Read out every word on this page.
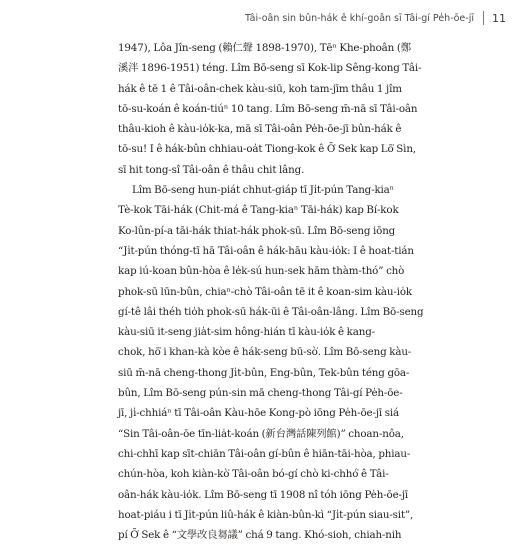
Tâi-oân sin bûn-hák ê khí-goân sī Tâi-gí Pe̍h-ōe-jī 11
1947), Lôa Jîn-seng (賴仁聲 1898-1970), Tēⁿ Khe-phoân (鄭
溪泮 1896-1951) téng. Lîm Bō-seng sī Kok-lip Sêng-kong Tâi-
hák ê tē 1 ê Tâi-oân-chek kàu-siū, koh tam-jīm thâu 1 jîm
tō-su-koán ê koán-tiúⁿ 10 tang. Lîm Bō-seng m̄-nā sī Tâi-oân
thâu-kioh ê kàu-io̍k-ka, mā sī Tâi-oân Pe̍h-ōe-jī bûn-hák ê
tō-su! I ê hák-bûn chhiau-oa̍t Tiong-kok ê Ō͘ Sek kap Lō͘ Sìn,
sī hit tong-sî Tâi-oân ê thâu chit lâng.
Lîm Bō-seng hun-piát chhut-giáp tī Ji̍t-pún Tang-kiaⁿ
Tè-kok Tāi-hák (Chit-má ê Tang-kiaⁿ Tāi-hák) kap Bí-kok
Ko-lûn-pí-a tāi-hák thiat-hák phok-sū. Lîm Bō-seng iōng
“Ji̍t-pún thóng-tī hā Tâi-oân ê hák-hāu kàu-io̍k: I ê hoat-tián
kap iú-koan bûn-hòa ê le̍k-sú hun-sek hām thàm-thó” chò
phok-sū lūn-bûn, chiaⁿ-chò Tâi-oân tē it ê koan-sim kàu-io̍k
gí-tê lâi théh tio̍h phok-sū hák-ūi ê Tâi-oân-lâng. Lîm Bō-seng
kàu-siū it-seng jia̍t-sim hông-hián tī kàu-io̍k ê kang-
chok, hō͘ i khan-kà kòe ê hák-seng bū-sò͘. Lîm Bō-seng kàu-
siū m̄-nā cheng-thong Ji̍t-bûn, Eng-bûn, Tek-bûn téng gōa-
bûn, Lîm Bō-seng pún-sin mā cheng-thong Tâi-gí Pe̍h-ōe-
jī, ji̍-chhiáⁿ tī Tâi-oân Kàu-hōe Kong-pò iōng Pe̍h-ōe-jī siá
“Sin Tâi-oân-ōe tīn-lia̍t-koán (新台灣話陳列館)” choan-nôa,
chi-chhī kap sīt-chiān Tâi-oân gí-bûn ê hiān-tāi-hòa, phiau-
chún-hòa, koh kiàn-kò͘ Tâi-oân bó-gí chò ki-chhó͘ ê Tâi-
oân-hák kàu-io̍k. Lîm Bō-seng tī 1908 nî tóh iōng Pe̍h-ōe-jī
hoat-piáu i tī Ji̍t-pún liû-hák ê kiàn-bûn-kì “Ji̍t-pún siau-sit”,
pí Ō͘ Sek ê “文學改良芻議” chá 9 tang. Khó-sioh, chiah-nih
